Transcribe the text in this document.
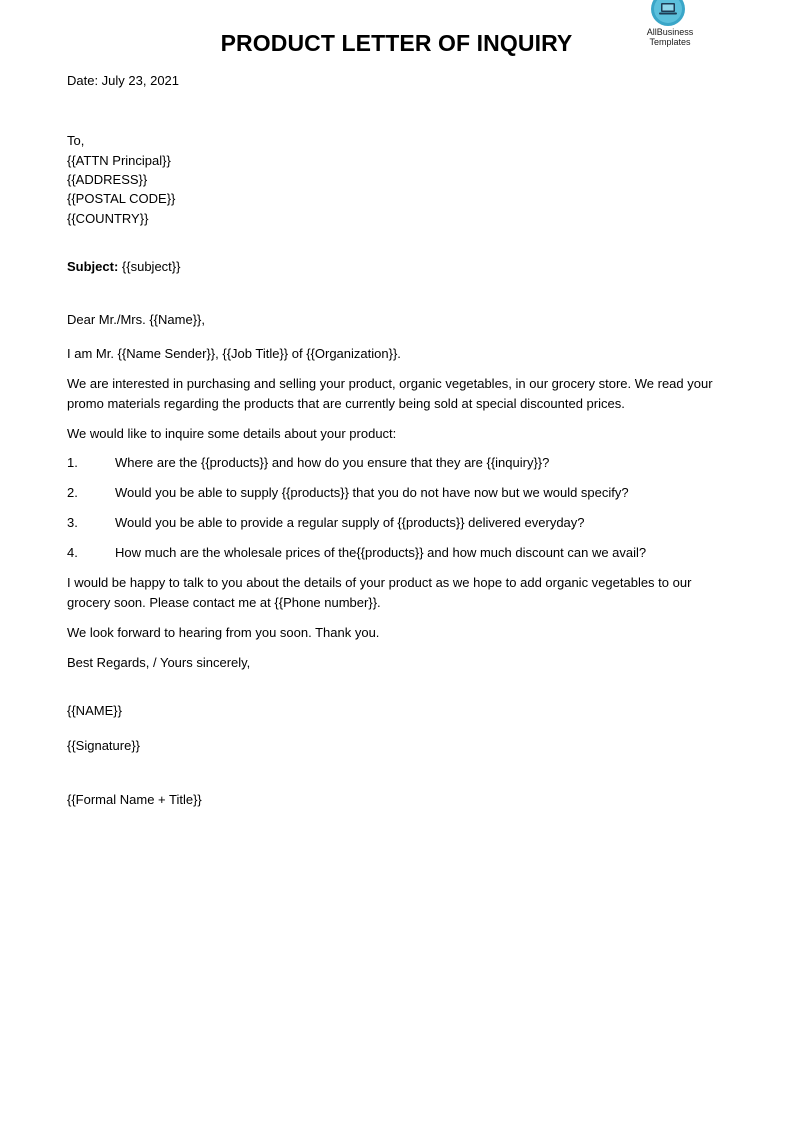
AllBusiness
Templates
PRODUCT LETTER OF INQUIRY
Date: July 23, 2021
To,
{{ATTN Principal}}
{{ADDRESS}}
{{POSTAL CODE}}
{{COUNTRY}}
Subject: {{subject}}
Dear Mr./Mrs. {{Name}},
I am Mr. {{Name Sender}}, {{Job Title}} of {{Organization}}.
We are interested in purchasing and selling your product, organic vegetables, in our grocery store. We read your promo materials regarding the products that are currently being sold at special discounted prices.
We would like to inquire some details about your product:
1.	Where are the {{products}} and how do you ensure that they are {{inquiry}}?
2.	Would you be able to supply {{products}} that you do not have now but we would specify?
3.	Would you be able to provide a regular supply of {{products}} delivered everyday?
4.	How much are the wholesale prices of the{{products}} and how much discount can we avail?
I would be happy to talk to you about the details of your product as we hope to add organic vegetables to our grocery soon. Please contact me at {{Phone number}}.
We look forward to hearing from you soon. Thank you.
Best Regards, / Yours sincerely,
{{NAME}}
{{Signature}}
{{Formal Name + Title}}
